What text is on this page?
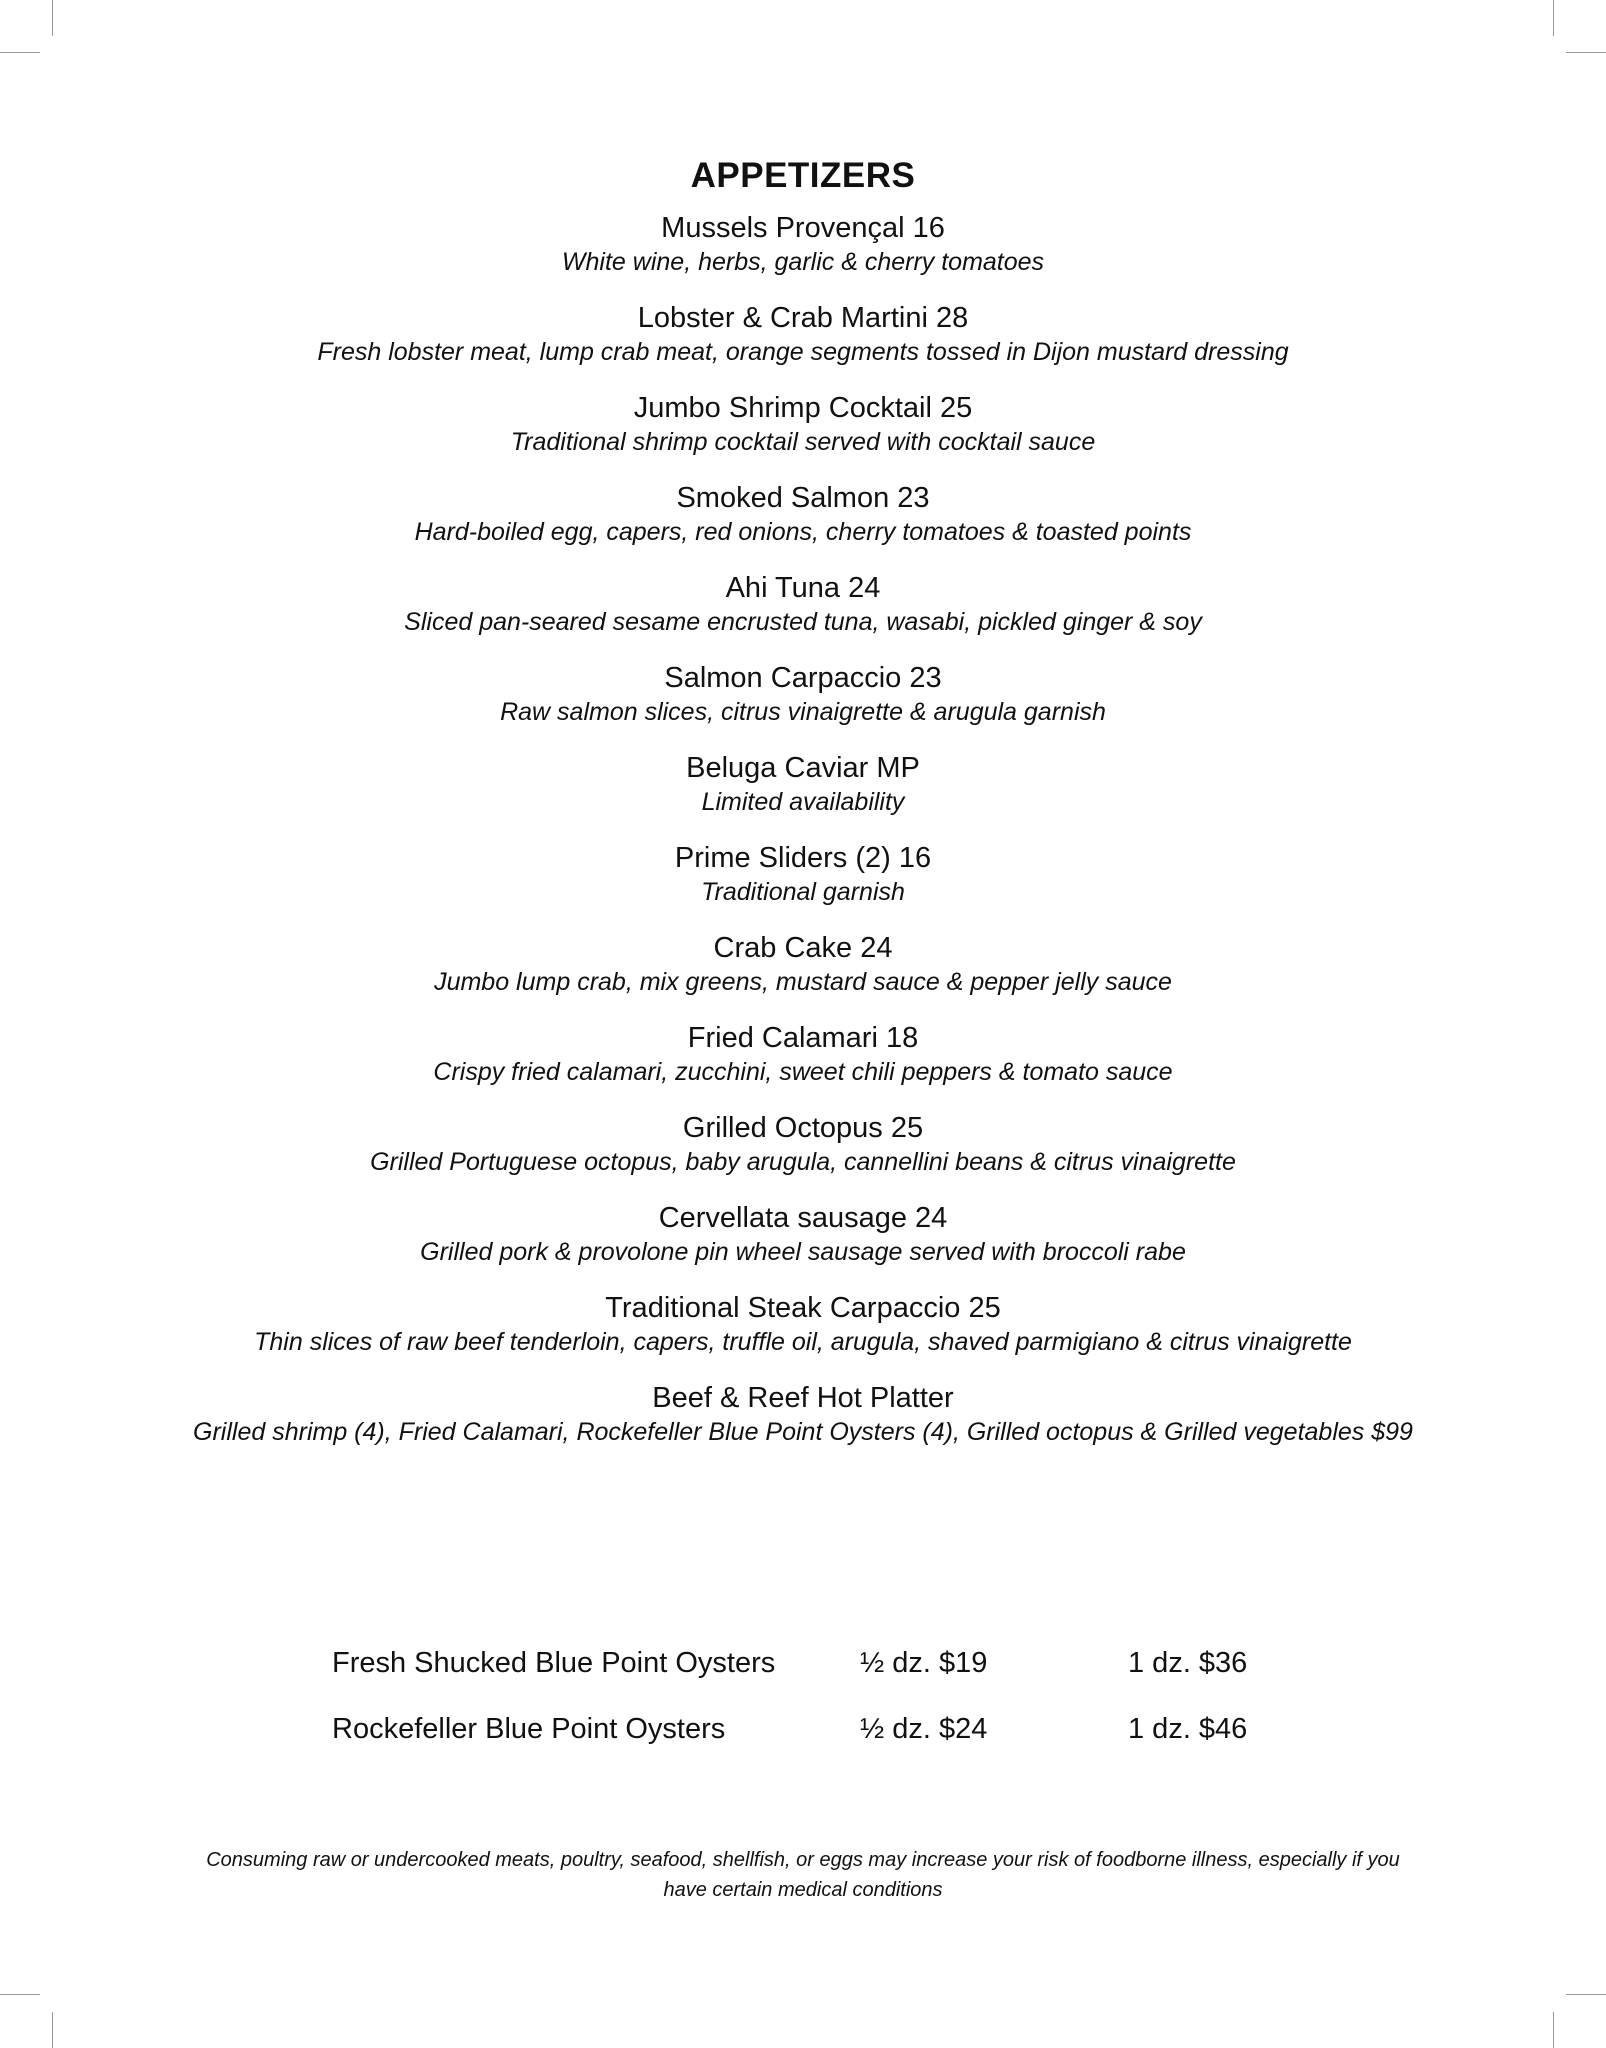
APPETIZERS
Mussels Provençal 16
White wine, herbs, garlic & cherry tomatoes
Lobster & Crab Martini 28
Fresh lobster meat, lump crab meat, orange segments tossed in Dijon mustard dressing
Jumbo Shrimp Cocktail 25
Traditional shrimp cocktail served with cocktail sauce
Smoked Salmon 23
Hard-boiled egg, capers, red onions, cherry tomatoes & toasted points
Ahi Tuna 24
Sliced pan-seared sesame encrusted tuna, wasabi, pickled ginger & soy
Salmon Carpaccio 23
Raw salmon slices, citrus vinaigrette & arugula garnish
Beluga Caviar MP
Limited availability
Prime Sliders (2) 16
Traditional garnish
Crab Cake 24
Jumbo lump crab, mix greens, mustard sauce & pepper jelly sauce
Fried Calamari 18
Crispy fried calamari, zucchini, sweet chili peppers & tomato sauce
Grilled Octopus 25
Grilled Portuguese octopus, baby arugula, cannellini beans & citrus vinaigrette
Cervellata sausage 24
Grilled pork & provolone pin wheel sausage served with broccoli rabe
Traditional Steak Carpaccio 25
Thin slices of raw beef tenderloin, capers, truffle oil, arugula, shaved parmigiano & citrus vinaigrette
Beef & Reef Hot Platter
Grilled shrimp (4), Fried Calamari, Rockefeller Blue Point Oysters (4), Grilled octopus & Grilled vegetables $99
Fresh Shucked Blue Point Oysters	½ dz. $19	1 dz. $36
Rockefeller Blue Point Oysters	½ dz. $24	1 dz. $46
Consuming raw or undercooked meats, poultry, seafood, shellfish, or eggs may increase your risk of foodborne illness, especially if you
have certain medical conditions
